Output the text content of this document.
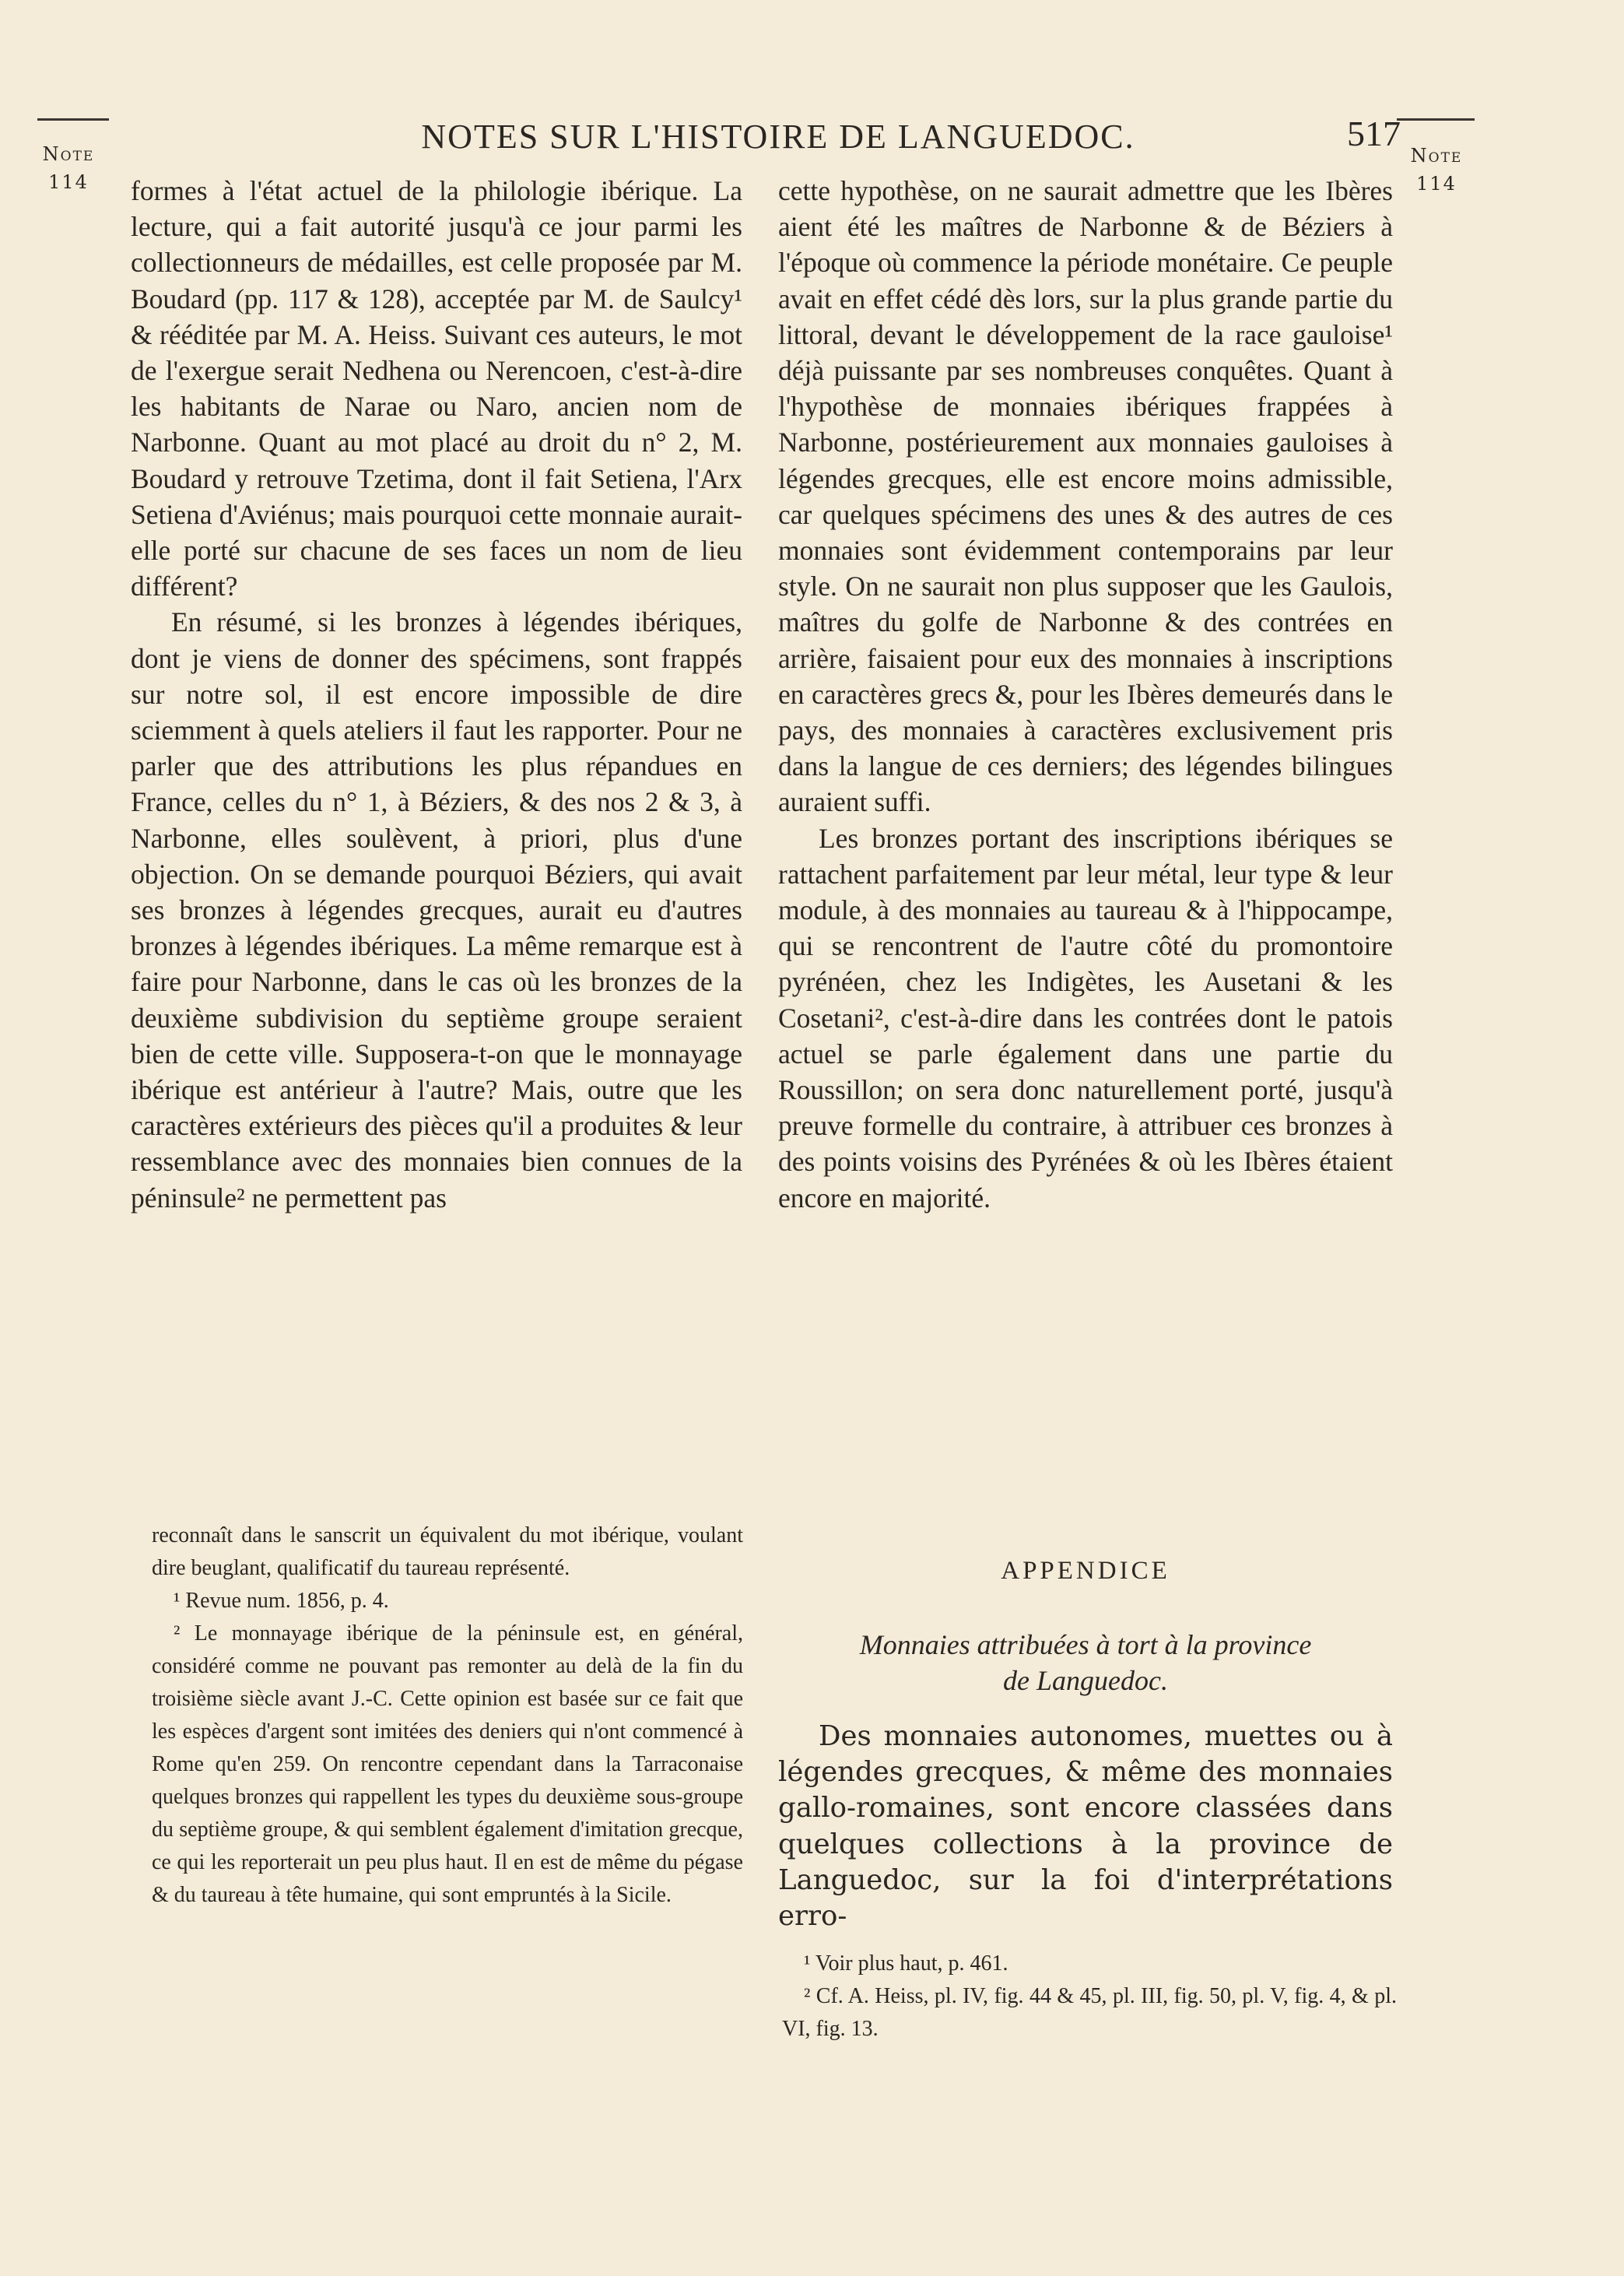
Note
114
Note
114
NOTES SUR L'HISTOIRE DE LANGUEDOC.	517

formes à l'état actuel de la philologie ibérique. La lecture, qui a fait autorité jusqu'à ce jour parmi les collectionneurs de médailles, est celle proposée par M. Boudard (pp. 117 & 128), acceptée par M. de Saulcy¹ & rééditée par M. A. Heiss. Suivant ces auteurs, le mot de l'exergue serait Nedhena ou Nerencoen, c'est-à-dire les habitants de Narae ou Naro, ancien nom de Narbonne. Quant au mot placé au droit du n° 2, M. Boudard y retrouve Tzetima, dont il fait Setiena, l'Arx Setiena d'Aviénus; mais pourquoi cette monnaie aurait-elle porté sur chacune de ses faces un nom de lieu différent?

En résumé, si les bronzes à légendes ibériques, dont je viens de donner des spécimens, sont frappés sur notre sol, il est encore impossible de dire sciemment à quels ateliers il faut les rapporter. Pour ne parler que des attributions les plus répandues en France, celles du n° 1, à Béziers, & des nos 2 & 3, à Narbonne, elles soulèvent, à priori, plus d'une objection. On se demande pourquoi Béziers, qui avait ses bronzes à légendes grecques, aurait eu d'autres bronzes à légendes ibériques. La même remarque est à faire pour Narbonne, dans le cas où les bronzes de la deuxième subdivision du septième groupe seraient bien de cette ville. Supposera-t-on que le monnayage ibérique est antérieur à l'autre? Mais, outre que les caractères extérieurs des pièces qu'il a produites & leur ressemblance avec des monnaies bien connues de la péninsule² ne permettent pas

reconnaît dans le sanscrit un équivalent du mot ibérique, voulant dire beuglant, qualificatif du taureau représenté.

¹ Revue num. 1856, p. 4.

² Le monnayage ibérique de la péninsule est, en général, considéré comme ne pouvant pas remonter au delà de la fin du troisième siècle avant J.-C. Cette opinion est basée sur ce fait que les espèces d'argent sont imitées des deniers qui n'ont commencé à Rome qu'en 259. On rencontre cependant dans la Tarraconaise quelques bronzes qui rappellent les types du deuxième sous-groupe du septième groupe, & qui semblent également d'imitation grecque, ce qui les reporterait un peu plus haut. Il en est de même du pégase & du taureau à tête humaine, qui sont empruntés à la Sicile.

cette hypothèse, on ne saurait admettre que les Ibères aient été les maîtres de Narbonne & de Béziers à l'époque où commence la période monétaire. Ce peuple avait en effet cédé dès lors, sur la plus grande partie du littoral, devant le développement de la race gauloise¹ déjà puissante par ses nombreuses conquêtes. Quant à l'hypothèse de monnaies ibériques frappées à Narbonne, postérieurement aux monnaies gauloises à légendes grecques, elle est encore moins admissible, car quelques spécimens des unes & des autres de ces monnaies sont évidemment contemporains par leur style. On ne saurait non plus supposer que les Gaulois, maîtres du golfe de Narbonne & des contrées en arrière, faisaient pour eux des monnaies à inscriptions en caractères grecs &, pour les Ibères demeurés dans le pays, des monnaies à caractères exclusivement pris dans la langue de ces derniers; des légendes bilingues auraient suffi.

Les bronzes portant des inscriptions ibériques se rattachent parfaitement par leur métal, leur type & leur module, à des monnaies au taureau & à l'hippocampe, qui se rencontrent de l'autre côté du promontoire pyrénéen, chez les Indigètes, les Ausetani & les Cosetani², c'est-à-dire dans les contrées dont le patois actuel se parle également dans une partie du Roussillon; on sera donc naturellement porté, jusqu'à preuve formelle du contraire, à attribuer ces bronzes à des points voisins des Pyrénées & où les Ibères étaient encore en majorité.

APPENDICE
Monnaies attribuées à tort à la province
de Languedoc.

Des monnaies autonomes, muettes ou à légendes grecques, & même des monnaies gallo-romaines, sont encore classées dans quelques collections à la province de Languedoc, sur la foi d'interprétations erro-

¹ Voir plus haut, p. 461.

² Cf. A. Heiss, pl. IV, fig. 44 & 45, pl. III, fig. 50, pl. V, fig. 4, & pl. VI, fig. 13.
